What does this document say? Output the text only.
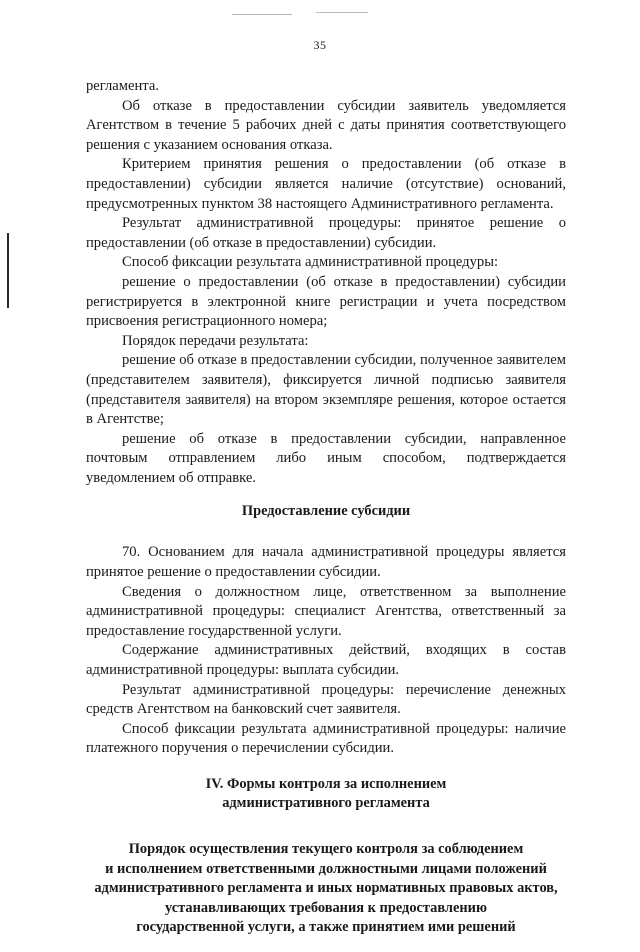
35

регламента.

Об отказе в предоставлении субсидии заявитель уведомляется Агентством в течение 5 рабочих дней с даты принятия соответствующего решения с указанием основания отказа.

Критерием принятия решения о предоставлении (об отказе в предоставлении) субсидии является наличие (отсутствие) оснований, предусмотренных пунктом 38 настоящего Административного регламента.

Результат административной процедуры: принятое решение о предоставлении (об отказе в предоставлении) субсидии.

Способ фиксации результата административной процедуры:

решение о предоставлении (об отказе в предоставлении) субсидии регистрируется в электронной книге регистрации и учета посредством присвоения регистрационного номера;

Порядок передачи результата:

решение об отказе в предоставлении субсидии, полученное заявителем (представителем заявителя), фиксируется личной подписью заявителя (представителя заявителя) на втором экземпляре решения, которое остается в Агентстве;

решение об отказе в предоставлении субсидии, направленное почтовым отправлением либо иным способом, подтверждается уведомлением об отправке.

Предоставление субсидии

70. Основанием для начала административной процедуры является принятое решение о предоставлении субсидии.

Сведения о должностном лице, ответственном за выполнение административной процедуры: специалист Агентства, ответственный за предоставление государственной услуги.

Содержание административных действий, входящих в состав административной процедуры: выплата субсидии.

Результат административной процедуры: перечисление денежных средств Агентством на банковский счет заявителя.

Способ фиксации результата административной процедуры: наличие платежного поручения о перечислении субсидии.

IV. Формы контроля за исполнением
административного регламента
Порядок осуществления текущего контроля за соблюдением
и исполнением ответственными должностными лицами положений
административного регламента и иных нормативных правовых актов,
устанавливающих требования к предоставлению
государственной услуги, а также принятием ими решений
